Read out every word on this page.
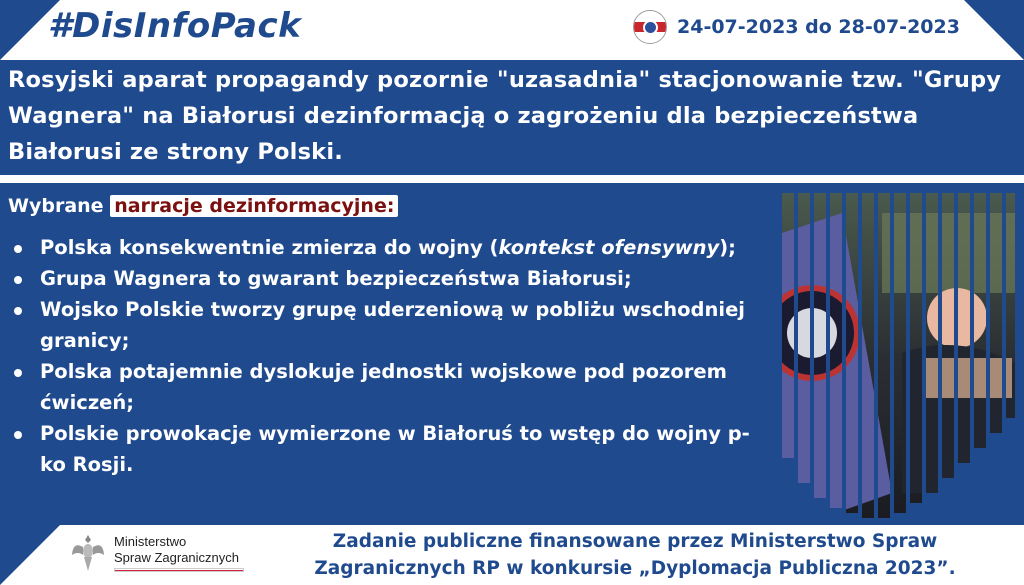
#DisInfoPack	24-07-2023 do 28-07-2023
Rosyjski aparat propagandy pozornie "uzasadnia" stacjonowanie tzw. "Grupy Wagnera" na Białorusi dezinformacją o zagrożeniu dla bezpieczeństwa Białorusi ze strony Polski.
Wybrane narracje dezinformacyjne:
Polska konsekwentnie zmierza do wojny (kontekst ofensywny);
Grupa Wagnera to gwarant bezpieczeństwa Białorusi;
Wojsko Polskie tworzy grupę uderzeniową w pobliżu wschodniej granicy;
Polska potajemnie dyslokuje jednostki wojskowe pod pozorem ćwiczeń;
Polskie prowokacje wymierzone w Białoruś to wstęp do wojny p-ko Rosji.
Ministerstwo
Spraw Zagranicznych
Zadanie publiczne finansowane przez Ministerstwo Spraw Zagranicznych RP w konkursie „Dyplomacja Publiczna 2023”.
